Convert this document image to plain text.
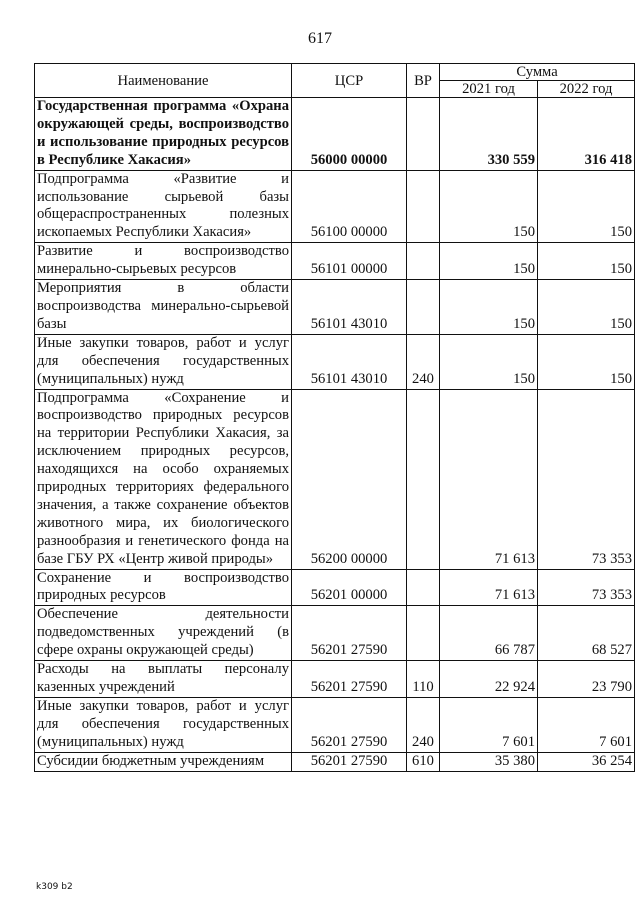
617
Наименование	ЦСР	ВР	Сумма	
			2021 год	2022 год
Государственная программа «Охрана окружающей среды, воспроизводство и использование природных ресурсов в Республике Хакасия»	56000 00000		330 559	316 418
Подпрограмма «Развитие и использование сырьевой базы общераспространенных полезных ископаемых Республики Хакасия»	56100 00000		150	150
Развитие и воспроизводство минерально-сырьевых ресурсов	56101 00000		150	150
Мероприятия в области воспроизводства минерально-сырьевой базы	56101 43010		150	150
Иные закупки товаров, работ и услуг для обеспечения государственных (муниципальных) нужд	56101 43010	240	150	150
Подпрограмма «Сохранение и воспроизводство природных ресурсов на территории Республики Хакасия, за исключением природных ресурсов, находящихся на особо охраняемых природных территориях федерального значения, а также сохранение объектов животного мира, их биологического разнообразия и генетического фонда на базе ГБУ РХ «Центр живой природы»	56200 00000		71 613	73 353
Сохранение и воспроизводство природных ресурсов	56201 00000		71 613	73 353
Обеспечение деятельности подведомственных учреждений (в сфере охраны окружающей среды)	56201 27590		66 787	68 527
Расходы на выплаты персоналу казенных учреждений	56201 27590	110	22 924	23 790
Иные закупки товаров, работ и услуг для обеспечения государственных (муниципальных) нужд	56201 27590	240	7 601	7 601
Субсидии бюджетным учреждениям	56201 27590	610	35 380	36 254
k309 b2
